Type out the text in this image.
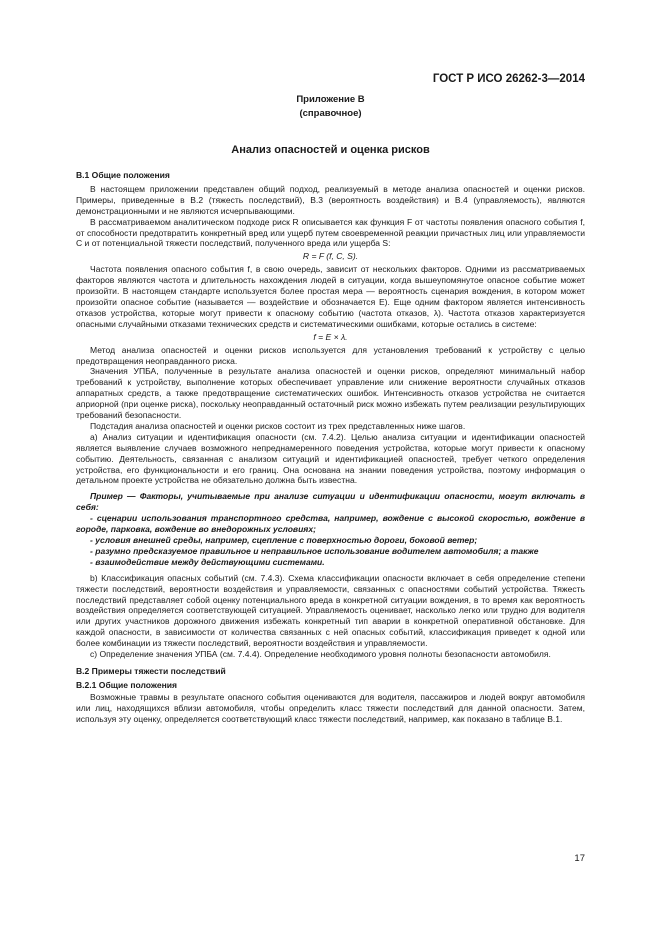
ГОСТ Р ИСО 26262-3—2014
Приложение В
(справочное)
Анализ опасностей и оценка рисков

В.1 Общие положения

В настоящем приложении представлен общий подход, реализуемый в методе анализа опасностей и оценки рисков. Примеры, приведенные в В.2 (тяжесть последствий), В.3 (вероятность воздействия) и В.4 (управляемость), являются демонстрационными и не являются исчерпывающими.

В рассматриваемом аналитическом подходе риск R описывается как функция F от частоты появления опасного события f, от способности предотвратить конкретный вред или ущерб путем своевременной реакции причастных лиц или управляемости C и от потенциальной тяжести последствий, полученного вреда или ущерба S:

R = F (f, C, S).

Частота появления опасного события f, в свою очередь, зависит от нескольких факторов. Одними из рассматриваемых факторов являются частота и длительность нахождения людей в ситуации, когда вышеупомянутое опасное событие может произойти. В настоящем стандарте используется более простая мера — вероятность сценария вождения, в котором может произойти опасное событие (называется — воздействие и обозначается E). Еще одним фактором является интенсивность отказов устройства, которые могут привести к опасному событию (частота отказов, λ). Частота отказов характеризуется опасными случайными отказами технических средств и систематическими ошибками, которые остались в системе:

f = E × λ.

Метод анализа опасностей и оценки рисков используется для установления требований к устройству с целью предотвращения неоправданного риска.

Значения УПБА, полученные в результате анализа опасностей и оценки рисков, определяют минимальный набор требований к устройству, выполнение которых обеспечивает управление или снижение вероятности случайных отказов аппаратных средств, а также предотвращение систематических ошибок. Интенсивность отказов устройства не считается априорной (при оценке риска), поскольку неоправданный остаточный риск можно избежать путем реализации результирующих требований безопасности.

Подстадия анализа опасностей и оценки рисков состоит из трех представленных ниже шагов.

а) Анализ ситуации и идентификация опасности (см. 7.4.2). Целью анализа ситуации и идентификации опасностей является выявление случаев возможного непреднамеренного поведения устройства, которые могут привести к опасному событию. Деятельность, связанная с анализом ситуаций и идентификацией опасностей, требует четкого определения устройства, его функциональности и его границ. Она основана на знании поведения устройства, поэтому информация о детальном проекте устройства не обязательно должна быть известна.

Пример — Факторы, учитываемые при анализе ситуации и идентификации опасности, могут включать в себя:

- сценарии использования транспортного средства, например, вождение с высокой скоростью, вождение в городе, парковка, вождение во внедорожных условиях;

- условия внешней среды, например, сцепление с поверхностью дороги, боковой ветер;

- разумно предсказуемое правильное и неправильное использование водителем автомобиля; а также

- взаимодействие между действующими системами.

b) Классификация опасных событий (см. 7.4.3). Схема классификации опасности включает в себя определение степени тяжести последствий, вероятности воздействия и управляемости, связанных с опасностями событий устройства. Тяжесть последствий представляет собой оценку потенциального вреда в конкретной ситуации вождения, в то время как вероятность воздействия определяется соответствующей ситуацией. Управляемость оценивает, насколько легко или трудно для водителя или других участников дорожного движения избежать конкретный тип аварии в конкретной оперативной обстановке. Для каждой опасности, в зависимости от количества связанных с ней опасных событий, классификация приведет к одной или более комбинации из тяжести последствий, вероятности воздействия и управляемости.

с) Определение значения УПБА (см. 7.4.4). Определение необходимого уровня полноты безопасности автомобиля.

В.2 Примеры тяжести последствий

В.2.1 Общие положения

Возможные травмы в результате опасного события оцениваются для водителя, пассажиров и людей вокруг автомобиля или лиц, находящихся вблизи автомобиля, чтобы определить класс тяжести последствий для данной опасности. Затем, используя эту оценку, определяется соответствующий класс тяжести последствий, например, как показано в таблице В.1.

17
